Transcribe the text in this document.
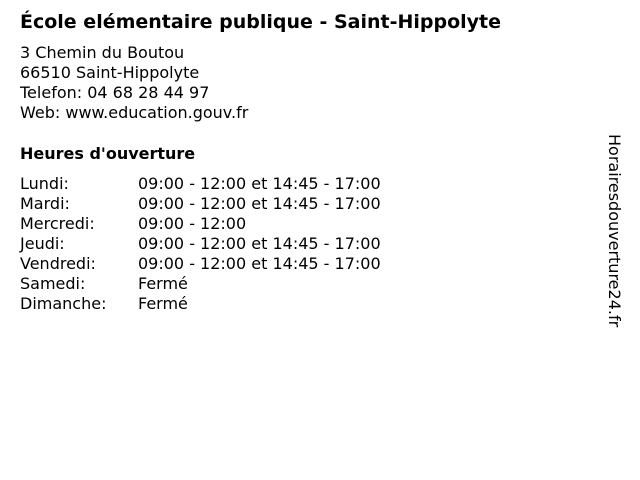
École elémentaire publique - Saint-Hippolyte
3 Chemin du Boutou
66510 Saint-Hippolyte
Telefon: 04 68 28 44 97
Web: www.education.gouv.fr
Heures d'ouverture
Lundi:	09:00 - 12:00 et 14:45 - 17:00
Mardi:	09:00 - 12:00 et 14:45 - 17:00
Mercredi:	09:00 - 12:00
Jeudi:	09:00 - 12:00 et 14:45 - 17:00
Vendredi:	09:00 - 12:00 et 14:45 - 17:00
Samedi:	Fermé
Dimanche: Fermé	Horairesdouverture24.fr
